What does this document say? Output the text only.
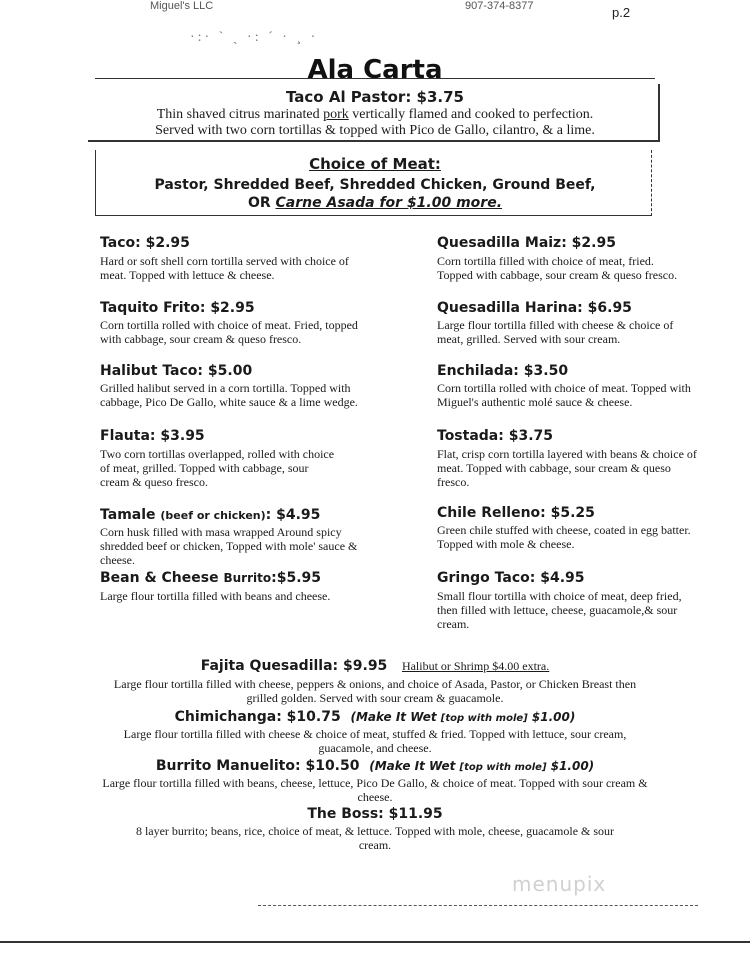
Miguel's LLC	907-374-8377	p.2
·:· ˋ ˏ ·: ˊ · ¸ ·
Ala Carta
Taco Al Pastor: $3.75
Thin shaved citrus marinated pork vertically flamed and cooked to perfection.
Served with two corn tortillas & topped with Pico de Gallo, cilantro, & a lime.
Choice of Meat:
Pastor, Shredded Beef, Shredded Chicken, Ground Beef,
OR Carne Asada for $1.00 more.
Taco: $2.95
Hard or soft shell corn tortilla served with choice of meat. Topped with lettuce & cheese.
Taquito Frito: $2.95
Corn tortilla rolled with choice of meat. Fried, topped with cabbage, sour cream & queso fresco.
Halibut Taco: $5.00
Grilled halibut served in a corn tortilla. Topped with cabbage, Pico De Gallo, white sauce & a lime wedge.
Flauta: $3.95
Two corn tortillas overlapped, rolled with choice of meat, grilled. Topped with cabbage, sour cream & queso fresco.
Tamale (beef or chicken): $4.95
Corn husk filled with masa wrapped Around spicy shredded beef or chicken, Topped with mole' sauce & cheese.
Bean & Cheese Burrito:$5.95
Large flour tortilla filled with beans and cheese.
Quesadilla Maiz: $2.95
Corn tortilla filled with choice of meat, fried. Topped with cabbage, sour cream & queso fresco.
Quesadilla Harina: $6.95
Large flour tortilla filled with cheese & choice of meat, grilled. Served with sour cream.
Enchilada: $3.50
Corn tortilla rolled with choice of meat. Topped with Miguel's authentic molé sauce & cheese.
Tostada: $3.75
Flat, crisp corn tortilla layered with beans & choice of meat. Topped with cabbage, sour cream & queso fresco.
Chile Relleno: $5.25
Green chile stuffed with cheese, coated in egg batter. Topped with mole & cheese.
Gringo Taco: $4.95
Small flour tortilla with choice of meat, deep fried, then filled with lettuce, cheese, guacamole,& sour cream.
Fajita Quesadilla: $9.95 Halibut or Shrimp $4.00 extra.
Large flour tortilla filled with cheese, peppers & onions, and choice of Asada, Pastor, or Chicken Breast then grilled golden. Served with sour cream & guacamole.
Chimichanga: $10.75 (Make It Wet [top with mole] $1.00)
Large flour tortilla filled with cheese & choice of meat, stuffed & fried. Topped with lettuce, sour cream, guacamole, and cheese.
Burrito Manuelito: $10.50 (Make It Wet [top with mole] $1.00)
Large flour tortilla filled with beans, cheese, lettuce, Pico De Gallo, & choice of meat. Topped with sour cream & cheese.
The Boss: $11.95
8 layer burrito; beans, rice, choice of meat, & lettuce. Topped with mole, cheese, guacamole & sour cream.
menupix
